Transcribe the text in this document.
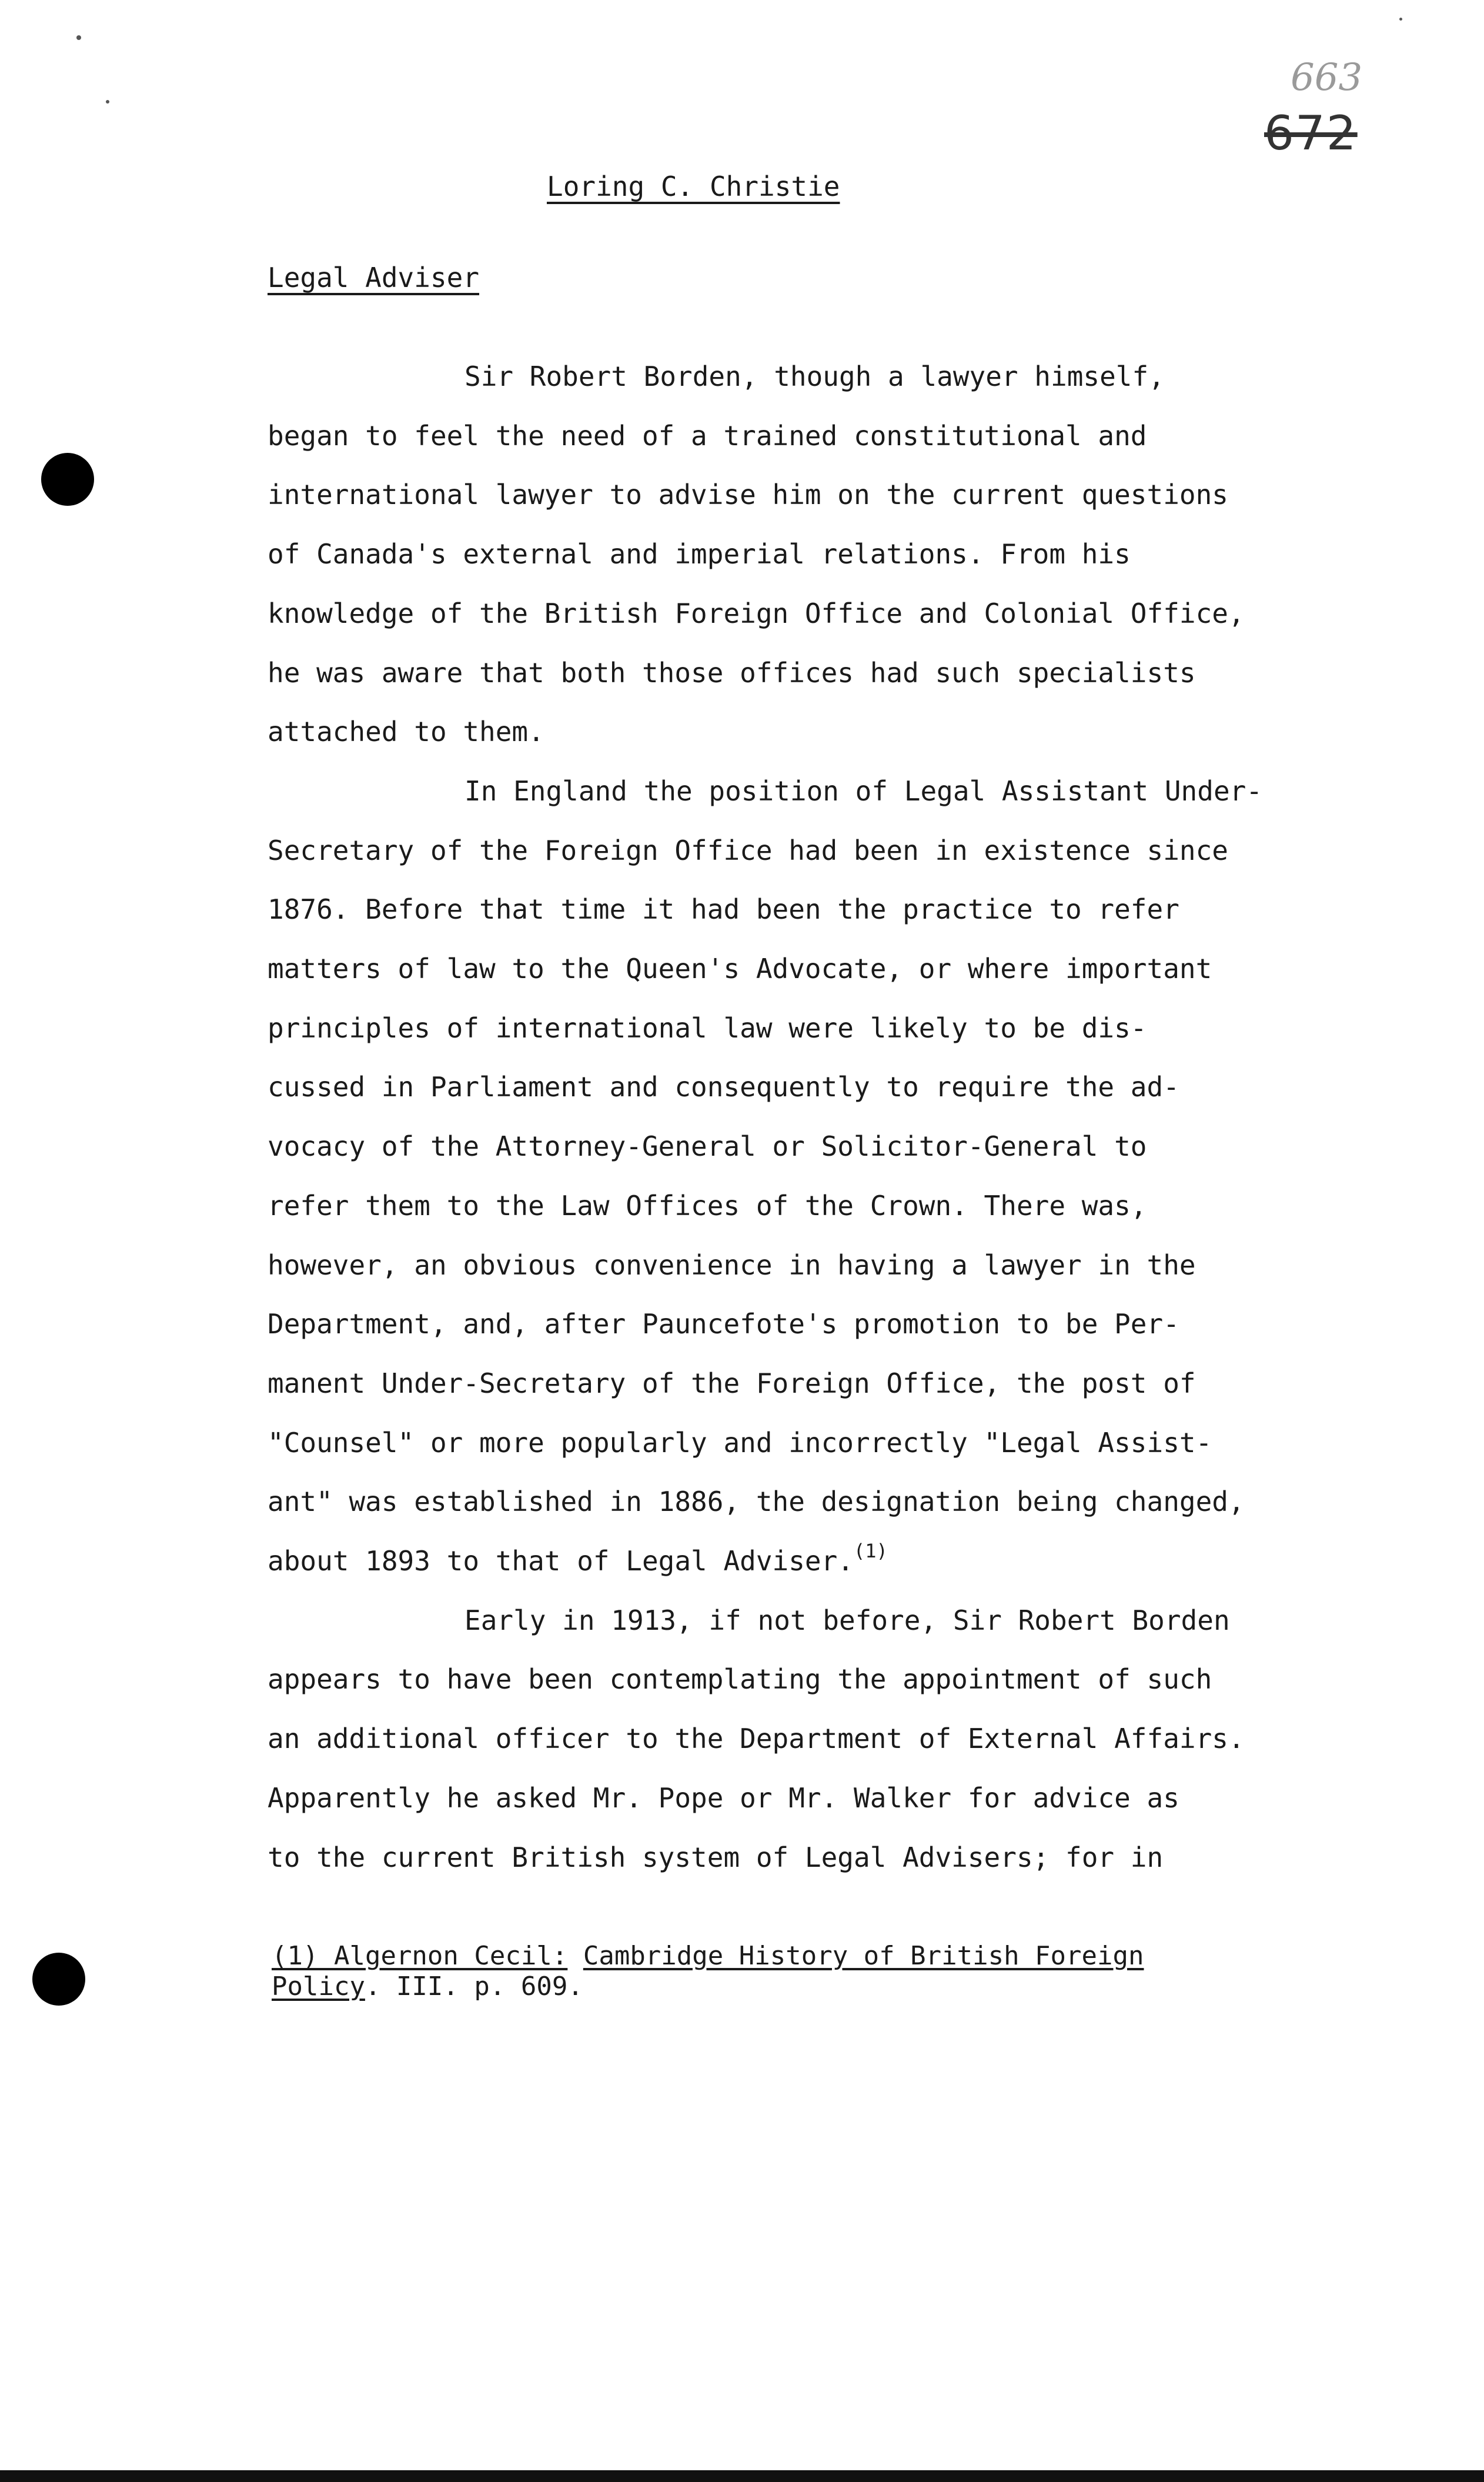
663
672
Loring C. Christie
Legal Adviser
Sir Robert Borden, though a lawyer himself,
began to feel the need of a trained constitutional and
international lawyer to advise him on the current questions
of Canada's external and imperial relations. From his
knowledge of the British Foreign Office and Colonial Office,
he was aware that both those offices had such specialists
attached to them.
In England the position of Legal Assistant Under-
Secretary of the Foreign Office had been in existence since
1876. Before that time it had been the practice to refer
matters of law to the Queen's Advocate, or where important
principles of international law were likely to be dis-
cussed in Parliament and consequently to require the ad-
vocacy of the Attorney-General or Solicitor-General to
refer them to the Law Offices of the Crown. There was,
however, an obvious convenience in having a lawyer in the
Department, and, after Pauncefote's promotion to be Per-
manent Under-Secretary of the Foreign Office, the post of
"Counsel" or more popularly and incorrectly "Legal Assist-
ant" was established in 1886, the designation being changed,
about 1893 to that of Legal Adviser.$^{(1)}$
Early in 1913, if not before, Sir Robert Borden
appears to have been contemplating the appointment of such
an additional officer to the Department of External Affairs.
Apparently he asked Mr. Pope or Mr. Walker for advice as
to the current British system of Legal Advisers; for in
(1) Algernon Cecil: Cambridge History of British Foreign
Policy. III. p. 609.
